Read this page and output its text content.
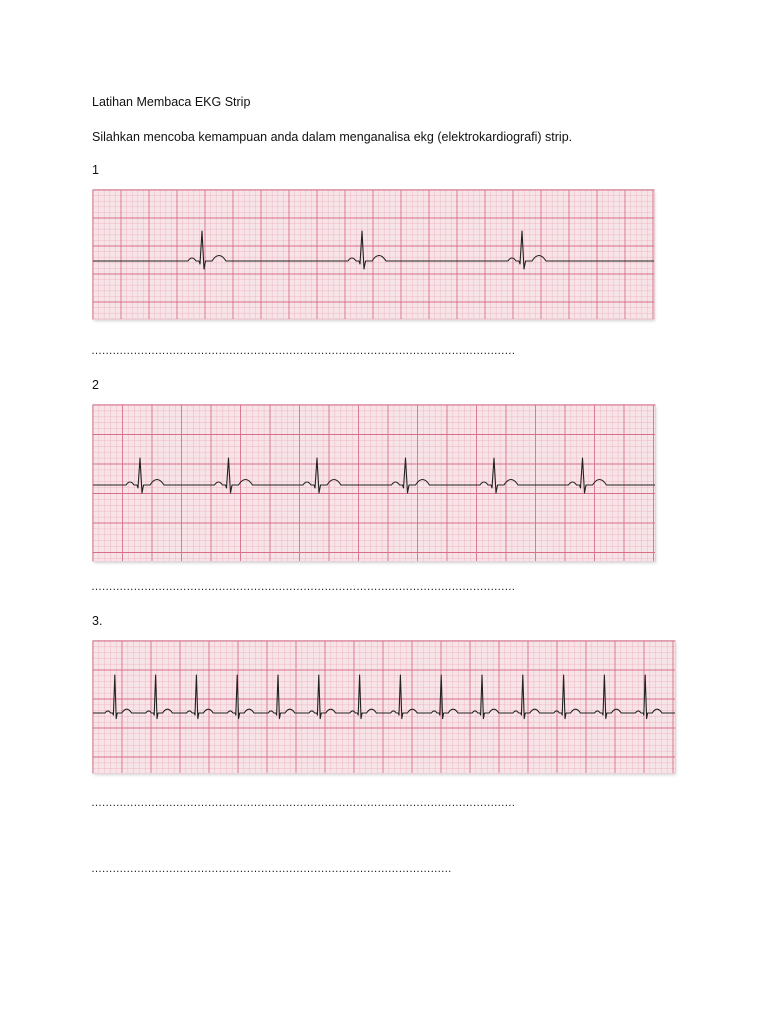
Latihan Membaca EKG Strip
Silahkan mencoba kemampuan anda dalam menganalisa ekg (elektrokardiografi) strip.
1
…………………………………………………………………………………………………………
2
…………………………………………………………………………………………………………
3.
…………………………………………………………………………………………………………
…………………………………………………………………………………………
